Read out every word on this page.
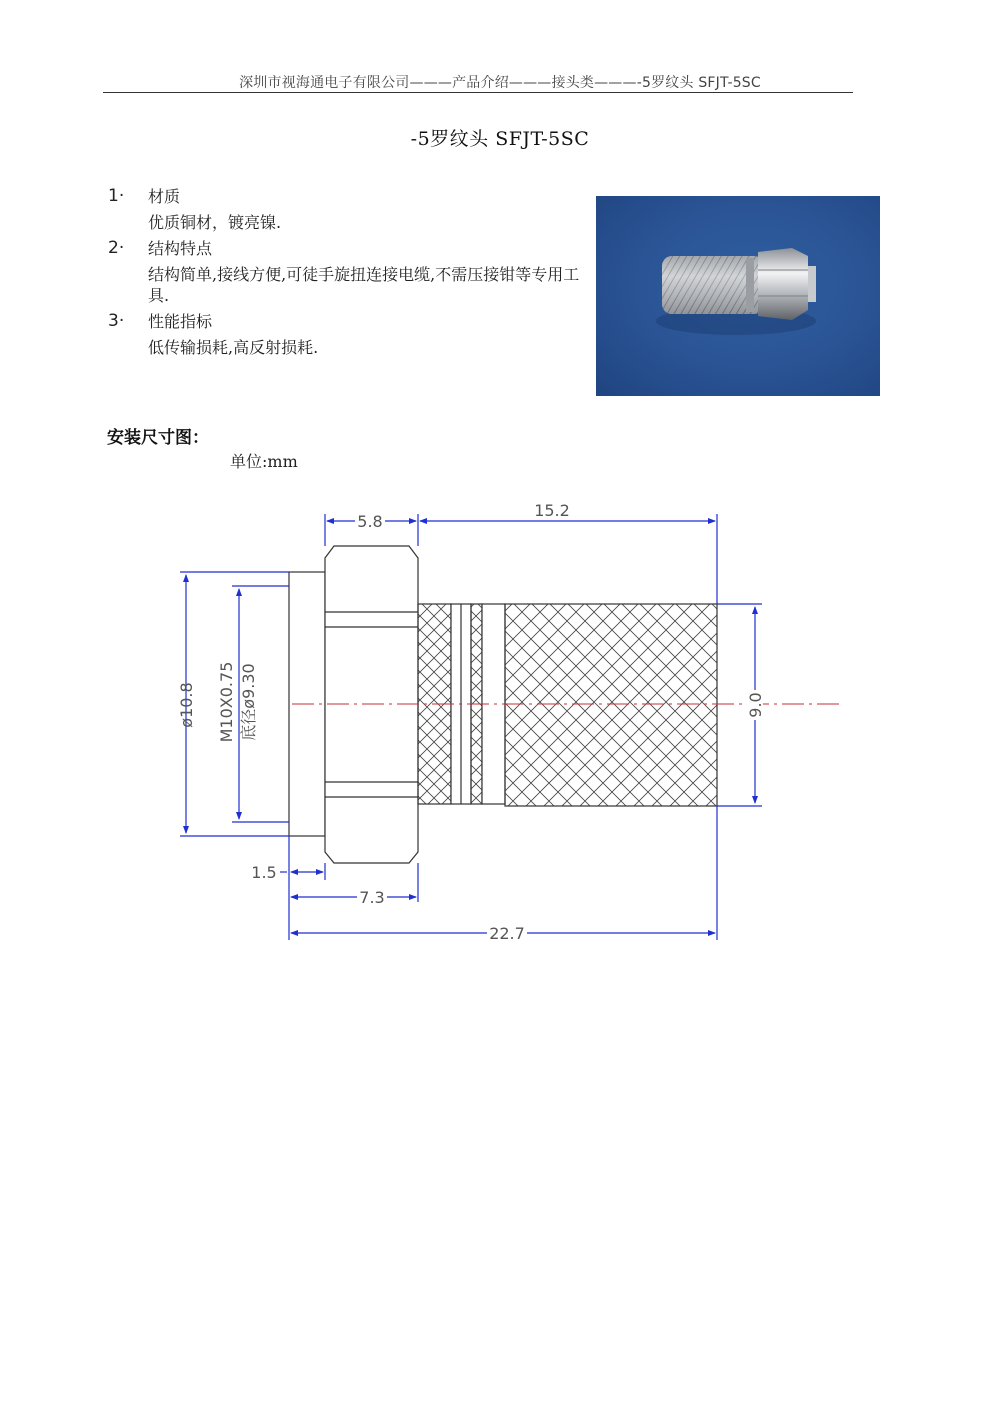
深圳市视海通电子有限公司———产品介绍———接头类———-5罗纹头 SFJT-5SC
-5罗纹头 SFJT-5SC
1·	材质
优质铜材，镀亮镍.
2·	结构特点
结构简单,接线方便,可徒手旋扭连接电缆,不需压接钳等专用工具.
3·	性能指标
低传输损耗,高反射损耗.
安装尺寸图：
单位:mm
5.8
15.2
ø10.8 M10X0.75 底径ø9.30	9.0
1.5
7.3
22.7
